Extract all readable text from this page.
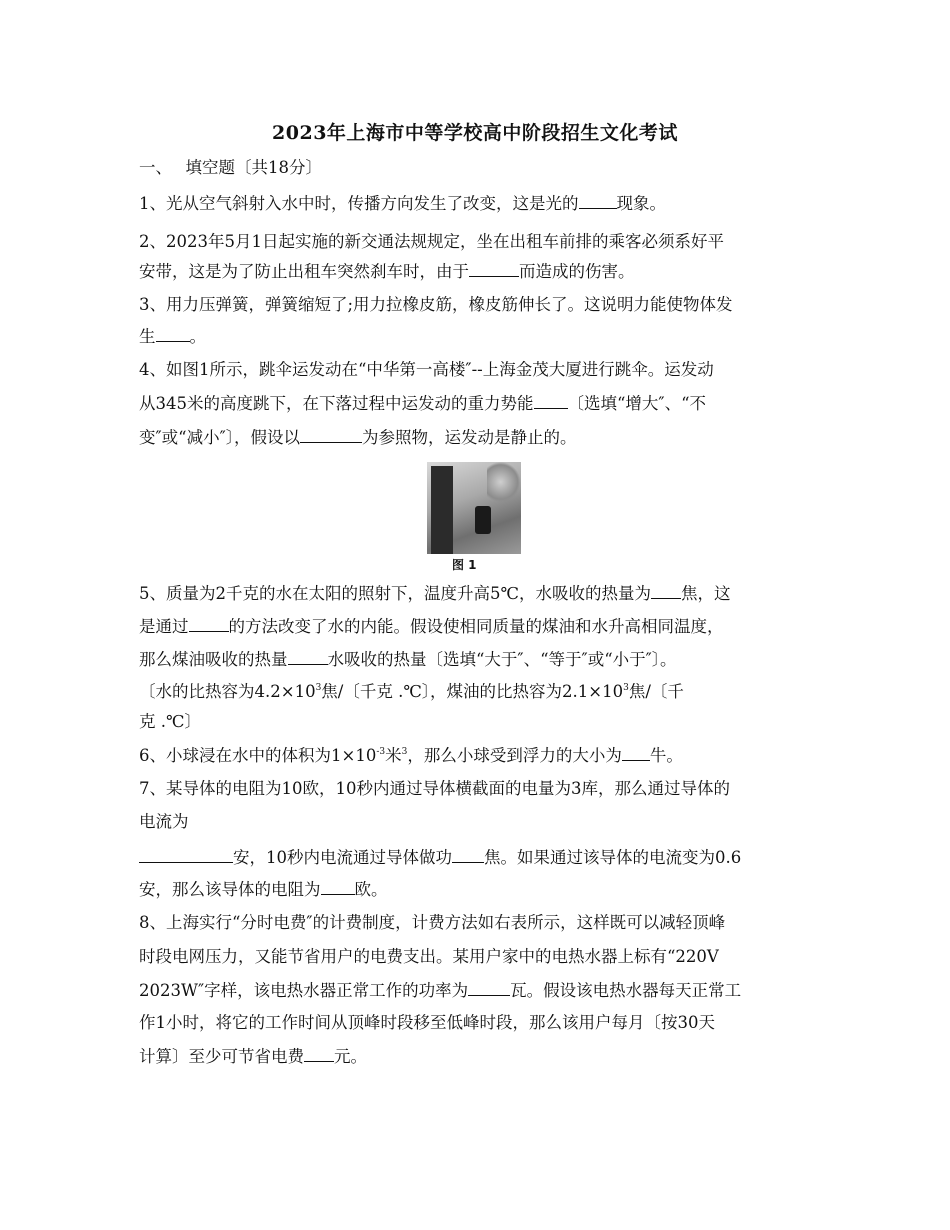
2023年上海市中等学校高中阶段招生文化考试
一、　 填空题〔共18分〕
1、光从空气斜射入水中时，传播方向发生了改变，这是光的 现象。
2、2023年5月1日起实施的新交通法规规定，坐在出租车前排的乘客必须系好平
安带，这是为了防止出租车突然刹车时，由于	而造成的伤害。
3、用力压弹簧，弹簧缩短了;用力拉橡皮筋，橡皮筋伸长了。这说明力能使物体发
生 。
4、如图1所示，跳伞运发动在“中华第一高楼″--上海金茂大厦进行跳伞。运发动
从345米的高度跳下，在下落过程中运发动的重力势能 〔选填“增大″、“不
变″或“减小″〕，假设以	为参照物，运发动是静止的。
图 1
5、质量为2千克的水在太阳的照射下，温度升高5℃，水吸收的热量为 焦，这
是通过 的方法改变了水的内能。假设使相同质量的煤油和水升高相同温度，
那么煤油吸收的热量 水吸收的热量〔选填“大于″、“等于″或“小于″〕。
〔水的比热容为$4.2\times 10^3$焦/〔千克 .℃〕，煤油的比热容为$2.1\times 10^3$焦/〔千
克 .℃〕
6、小球浸在水中的体积为$1\times 10^{-3}$米$^3$，那么小球受到浮力的大小为 牛。
7、某导体的电阻为10欧，10秒内通过导体横截面的电量为3库，那么通过导体的
电流为
安，10秒内电流通过导体做功 焦。如果通过该导体的电流变为0.6
安，那么该导体的电阻为 欧。
8、上海实行“分时电费″的计费制度，计费方法如右表所示，这样既可以减轻顶峰
时段电网压力，又能节省用户的电费支出。某用户家中的电热水器上标有“220V
2023W″字样，该电热水器正常工作的功率为	瓦。假设该电热水器每天正常工
作1小时，将它的工作时间从顶峰时段移至低峰时段，那么该用户每月〔按30天
计算〕至少可节省电费 元。
